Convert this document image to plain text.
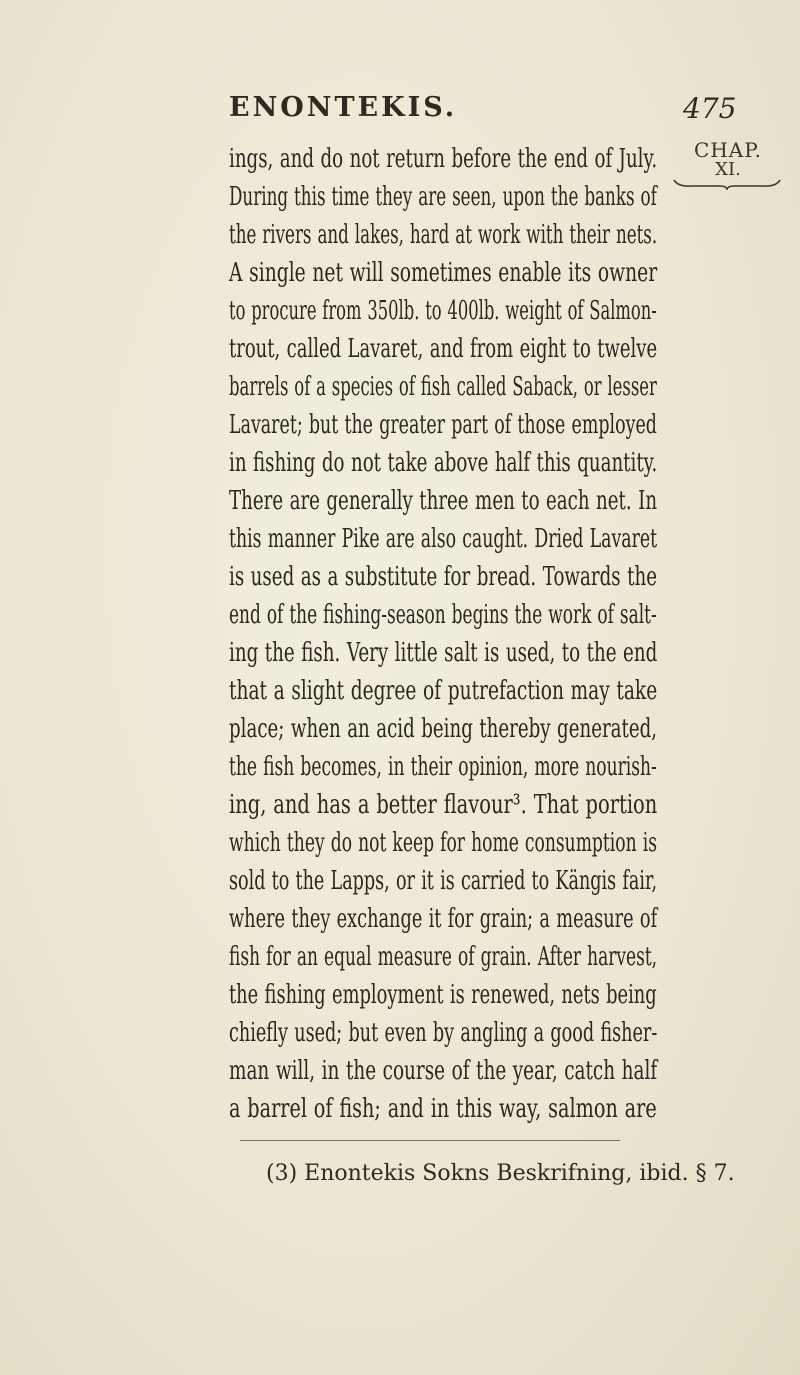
ENONTEKIS.	475
CHAP.
XI.
ings, and do not return before the end of July.
During this time they are seen, upon the banks of
the rivers and lakes, hard at work with their nets.
A single net will sometimes enable its owner
to procure from 350lb. to 400lb. weight of Salmon-
trout, called Lavaret, and from eight to twelve
barrels of a species of fish called Saback, or lesser
Lavaret; but the greater part of those employed
in fishing do not take above half this quantity.
There are generally three men to each net. In
this manner Pike are also caught. Dried Lavaret
is used as a substitute for bread. Towards the
end of the fishing-season begins the work of salt-
ing the fish. Very little salt is used, to the end
that a slight degree of putrefaction may take
place; when an acid being thereby generated,
the fish becomes, in their opinion, more nourish-
ing, and has a better flavour³. That portion
which they do not keep for home consumption is
sold to the Lapps, or it is carried to Kängis fair,
where they exchange it for grain; a measure of
fish for an equal measure of grain. After harvest,
the fishing employment is renewed, nets being
chiefly used; but even by angling a good fisher-
man will, in the course of the year, catch half
a barrel of fish; and in this way, salmon are
(3) Enontekis Sokns Beskrifning, ibid. § 7.
